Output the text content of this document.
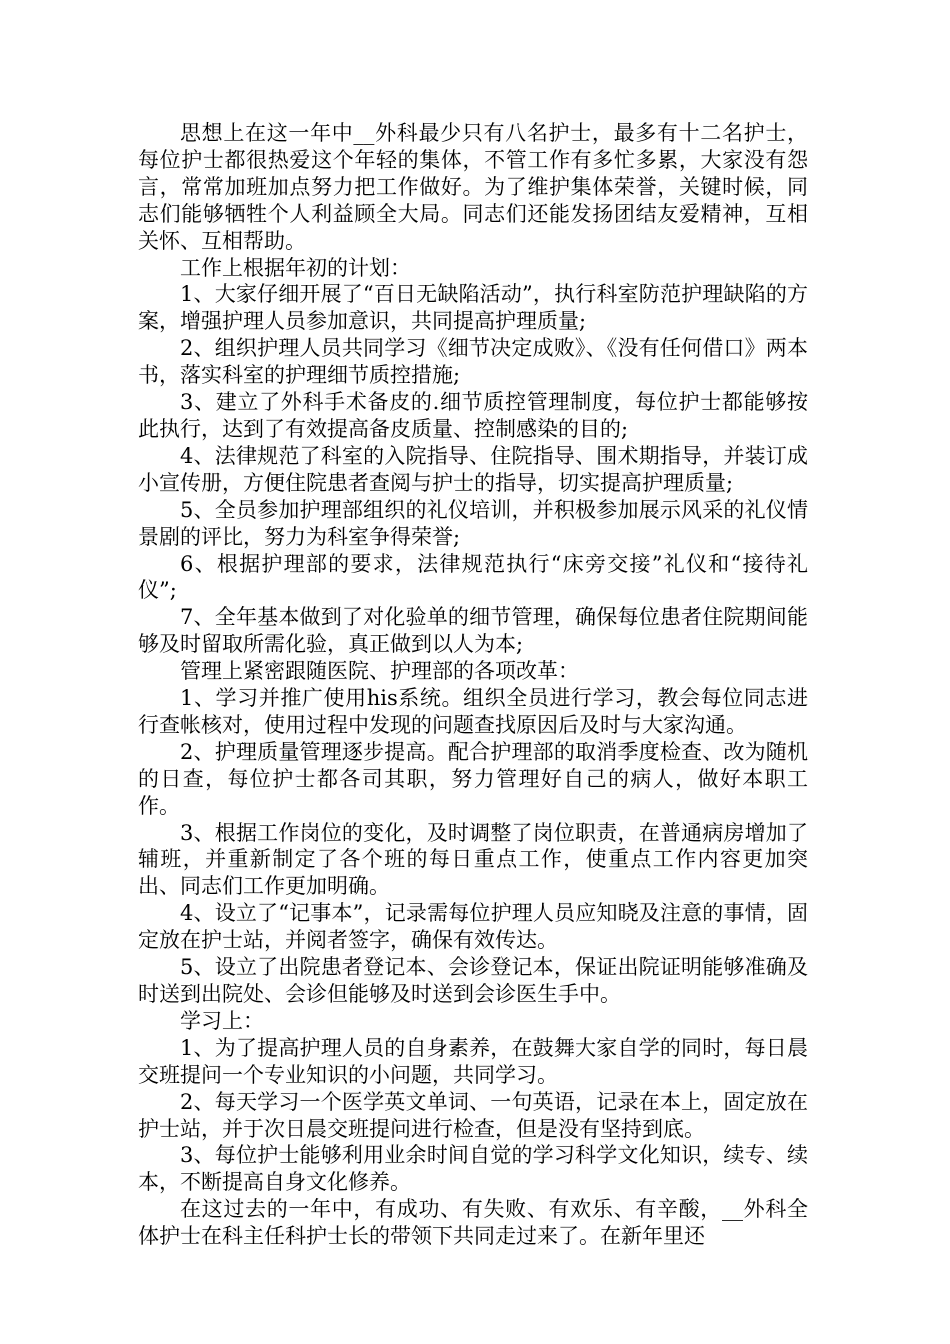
思想上在这一年中__外科最少只有八名护士，最多有十二名护士，每位护士都很热爱这个年轻的集体，不管工作有多忙多累，大家没有怨言，常常加班加点努力把工作做好。为了维护集体荣誉，关键时候，同志们能够牺牲个人利益顾全大局。同志们还能发扬团结友爱精神，互相关怀、互相帮助。

工作上根据年初的计划：

1、大家仔细开展了“百日无缺陷活动”，执行科室防范护理缺陷的方案，增强护理人员参加意识，共同提高护理质量;

2、组织护理人员共同学习《细节决定成败》、《没有任何借口》两本书，落实科室的护理细节质控措施;

3、建立了外科手术备皮的.细节质控管理制度，每位护士都能够按此执行，达到了有效提高备皮质量、控制感染的目的;

4、法律规范了科室的入院指导、住院指导、围术期指导，并装订成小宣传册，方便住院患者查阅与护士的指导，切实提高护理质量;

5、全员参加护理部组织的礼仪培训，并积极参加展示风采的礼仪情景剧的评比，努力为科室争得荣誉;

6、根据护理部的要求，法律规范执行“床旁交接”礼仪和“接待礼仪”;

7、全年基本做到了对化验单的细节管理，确保每位患者住院期间能够及时留取所需化验，真正做到以人为本;

管理上紧密跟随医院、护理部的各项改革：

1、学习并推广使用his系统。组织全员进行学习，教会每位同志进行查帐核对，使用过程中发现的问题查找原因后及时与大家沟通。

2、护理质量管理逐步提高。配合护理部的取消季度检查、改为随机的日查，每位护士都各司其职，努力管理好自己的病人，做好本职工作。

3、根据工作岗位的变化，及时调整了岗位职责，在普通病房增加了辅班，并重新制定了各个班的每日重点工作，使重点工作内容更加突出、同志们工作更加明确。

4、设立了“记事本”，记录需每位护理人员应知晓及注意的事情，固定放在护士站，并阅者签字，确保有效传达。

5、设立了出院患者登记本、会诊登记本，保证出院证明能够准确及时送到出院处、会诊但能够及时送到会诊医生手中。

学习上：

1、为了提高护理人员的自身素养，在鼓舞大家自学的同时，每日晨交班提问一个专业知识的小问题，共同学习。

2、每天学习一个医学英文单词、一句英语，记录在本上，固定放在护士站，并于次日晨交班提问进行检查，但是没有坚持到底。

3、每位护士能够利用业余时间自觉的学习科学文化知识，续专、续本，不断提高自身文化修养。

在这过去的一年中，有成功、有失败、有欢乐、有辛酸，__外科全体护士在科主任科护士长的带领下共同走过来了。在新年里还
